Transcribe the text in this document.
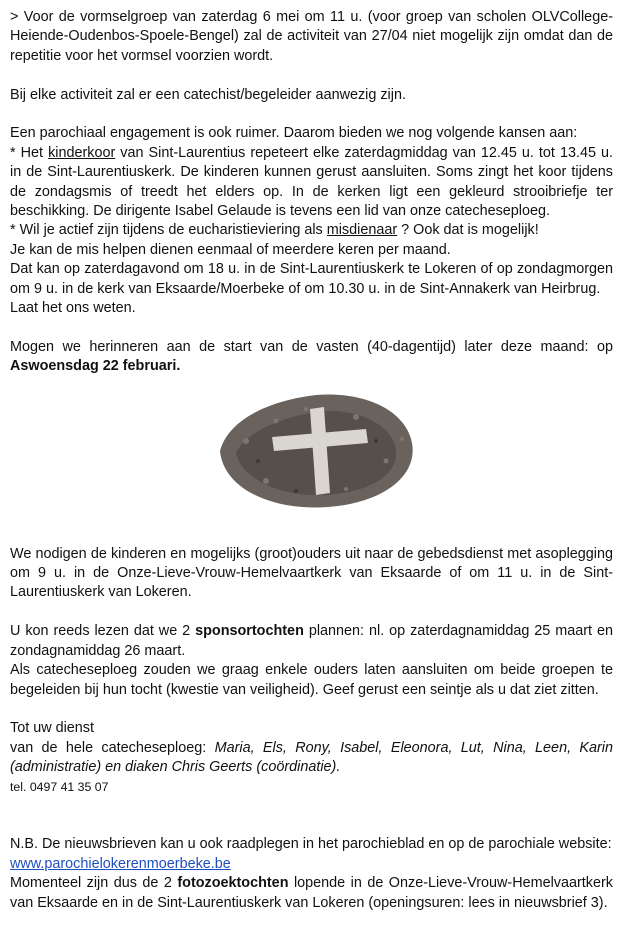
> Voor de vormselgroep van zaterdag 6 mei om 11 u. (voor groep van scholen OLVCollege-Heiende-Oudenbos-Spoele-Bengel) zal de activiteit van 27/04 niet mogelijk zijn omdat dan de repetitie voor het vormsel voorzien wordt.

Bij elke activiteit zal er een catechist/begeleider aanwezig zijn.

Een parochiaal engagement is ook ruimer. Daarom bieden we nog volgende kansen aan:

* Het kinderkoor van Sint-Laurentius repeteert elke zaterdagmiddag van 12.45 u. tot 13.45 u. in de Sint-Laurentiuskerk. De kinderen kunnen gerust aansluiten. Soms zingt het koor tijdens de zondagsmis of treedt het elders op. In de kerken ligt een gekleurd strooibriefje ter beschikking. De dirigente Isabel Gelaude is tevens een lid van onze catecheseploeg.

* Wil je actief zijn tijdens de eucharistieviering als misdienaar ? Ook dat is mogelijk!

Je kan de mis helpen dienen eenmaal of meerdere keren per maand.

Dat kan op zaterdagavond om 18 u. in de Sint-Laurentiuskerk te Lokeren of op zondagmorgen om 9 u. in de kerk van Eksaarde/Moerbeke of om 10.30 u. in de Sint-Annakerk van Heirbrug.

Laat het ons weten.

Mogen we herinneren aan de start van de vasten (40-dagentijd) later deze maand: op Aswoensdag 22 februari.

We nodigen de kinderen en mogelijks (groot)ouders uit naar de gebedsdienst met asoplegging om 9 u. in de Onze-Lieve-Vrouw-Hemelvaartkerk van Eksaarde of om 11 u. in de Sint-Laurentiuskerk van Lokeren.

U kon reeds lezen dat we 2 sponsortochten plannen: nl. op zaterdagnamiddag 25 maart en zondagnamiddag 26 maart.

Als catecheseploeg zouden we graag enkele ouders laten aansluiten om beide groepen te begeleiden bij hun tocht (kwestie van veiligheid). Geef gerust een seintje als u dat ziet zitten.

Tot uw dienst

van de hele catecheseploeg: Maria, Els, Rony, Isabel, Eleonora, Lut, Nina, Leen, Karin (administratie) en diaken Chris Geerts (coördinatie).

tel. 0497 41 35 07

N.B. De nieuwsbrieven kan u ook raadplegen in het parochieblad en op de parochiale website:

www.parochielokerenmoerbeke.be

Momenteel zijn dus de 2 fotozoektochten lopende in de Onze-Lieve-Vrouw-Hemelvaartkerk van Eksaarde en in de Sint-Laurentiuskerk van Lokeren (openingsuren: lees in nieuwsbrief 3).
